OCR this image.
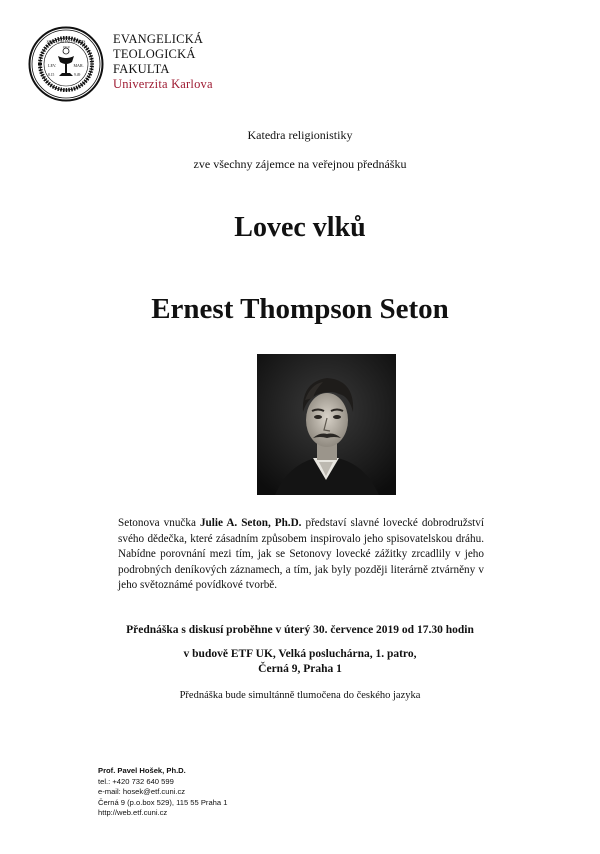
SIGILLUM FACULTATIS
1919
LEV.	MAR.
8.15	9.49
EVANGELICKÁ
TEOLOGICKÁ
FAKULTA
Univerzita Karlova
Katedra religionistiky
zve všechny zájemce na veřejnou přednášku
Lovec vlků
Ernest Thompson Seton
Setonova vnučka Julie A. Seton, Ph.D. představí slavné lovecké dobrodružství svého dědečka, které zásadním způsobem inspirovalo jeho spisovatelskou dráhu. Nabídne porovnání mezi tím, jak se Setonovy lovecké zážitky zrcadlily v jeho podrobných deníkových záznamech, a tím, jak byly později literárně ztvárněny v jeho světoznámé povídkové tvorbě.
Přednáška s diskusí proběhne v úterý 30. července 2019 od 17.30 hodin
v budově ETF UK, Velká posluchárna, 1. patro,
Černá 9, Praha 1
Přednáška bude simultánně tlumočena do českého jazyka
Prof. Pavel Hošek, Ph.D.
tel.: +420 732 640 599
e-mail: hosek@etf.cuni.cz
Černá 9 (p.o.box 529), 115 55 Praha 1
http://web.etf.cuni.cz
